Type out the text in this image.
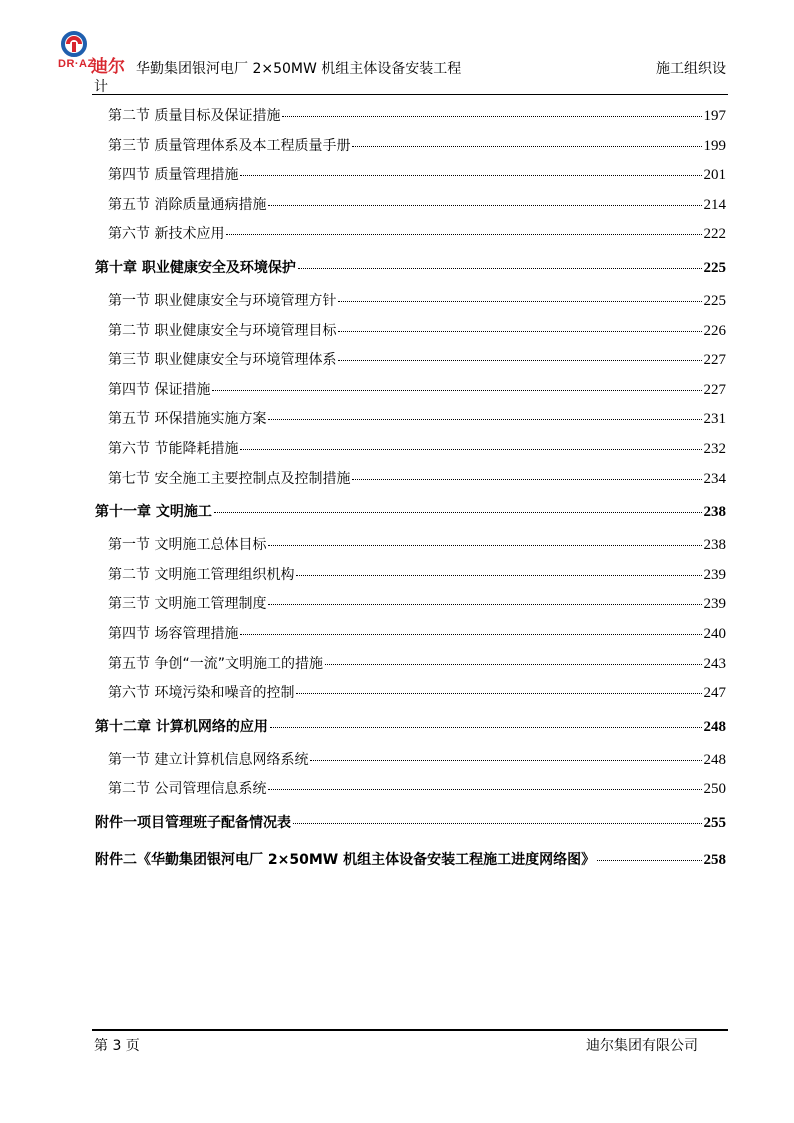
DR·AZ
迪尔 华勤集团银河电厂 2×50MW 机组主体设备安装工程
计
施工组织设
第二节 质量目标及保证措施	197
第三节 质量管理体系及本工程质量手册	199
第四节 质量管理措施	201
第五节 消除质量通病措施	214
第六节 新技术应用	222
第十章 职业健康安全及环境保护	225
第一节 职业健康安全与环境管理方针	225
第二节 职业健康安全与环境管理目标	226
第三节 职业健康安全与环境管理体系	227
第四节 保证措施	227
第五节 环保措施实施方案	231
第六节 节能降耗措施	232
第七节 安全施工主要控制点及控制措施	234
第十一章 文明施工	238
第一节 文明施工总体目标	238
第二节 文明施工管理组织机构	239
第三节 文明施工管理制度	239
第四节 场容管理措施	240
第五节 争创“一流”文明施工的措施	243
第六节 环境污染和噪音的控制	247
第十二章 计算机网络的应用	248
第一节 建立计算机信息网络系统	248
第二节 公司管理信息系统	250
附件一项目管理班子配备情况表	255
附件二《华勤集团银河电厂 2×50MW 机组主体设备安装工程施工进度网络图》	258
第 3 页	迪尔集团有限公司
